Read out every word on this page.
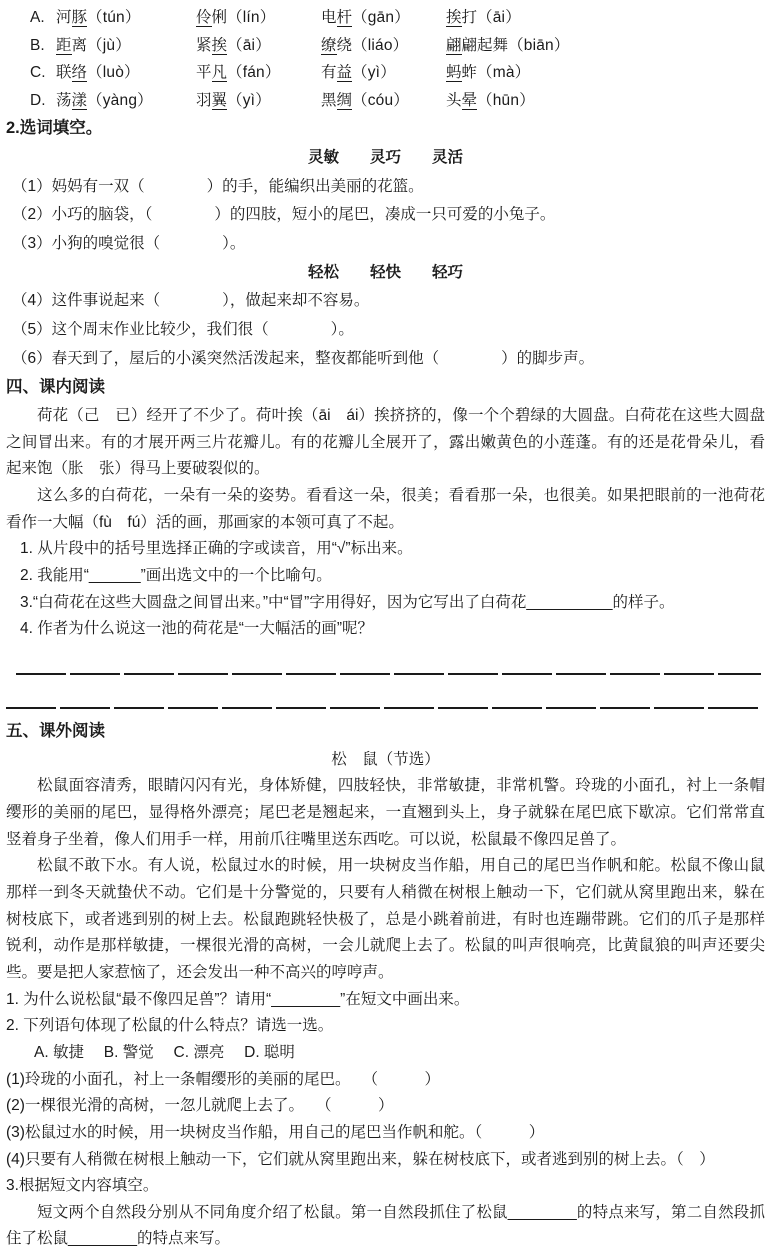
A. 河豚（tún）	伶俐（lín）	电杆（gān）	挨打（āi）
B. 距离（jù）	紧挨（āi）	缭绕（liáo）	翩翩起舞（biān）
C. 联络（luò）	平凡（fán）	有益（yì）	蚂蚱（mà）
D. 荡漾（yàng）	羽翼（yì）	黑绸（cóu）	头晕（hūn）

2.选词填空。

灵敏　　灵巧　　灵活

（1）妈妈有一双（　　　　）的手，能编织出美丽的花篮。

（2）小巧的脑袋，（　　　　）的四肢，短小的尾巴，凑成一只可爱的小兔子。

（3）小狗的嗅觉很（　　　　）。

轻松　　轻快　　轻巧

（4）这件事说起来（　　　　），做起来却不容易。

（5）这个周末作业比较少，我们很（　　　　）。

（6）春天到了，屋后的小溪突然活泼起来，整夜都能听到他（　　　　）的脚步声。

四、课内阅读

荷花（己　已）经开了不少了。荷叶挨（āi　ái）挨挤挤的，像一个个碧绿的大圆盘。白荷花在这些大圆盘之间冒出来。有的才展开两三片花瓣儿。有的花瓣儿全展开了，露出嫩黄色的小莲蓬。有的还是花骨朵儿，看起来饱（胀　张）得马上要破裂似的。

这么多的白荷花，一朵有一朵的姿势。看看这一朵，很美；看看那一朵，也很美。如果把眼前的一池荷花看作一大幅（fù　fú）活的画，那画家的本领可真了不起。

1. 从片段中的括号里选择正确的字或读音，用“√”标出来。

2. 我能用“______”画出选文中的一个比喻句。

3.“白荷花在这些大圆盘之间冒出来。”中“冒”字用得好，因为它写出了白荷花__________的样子。

4. 作者为什么说这一池的荷花是“一大幅活的画”呢？

五、课外阅读

松　鼠（节选）

松鼠面容清秀，眼睛闪闪有光，身体矫健，四肢轻快，非常敏捷，非常机警。玲珑的小面孔，衬上一条帽缨形的美丽的尾巴，显得格外漂亮；尾巴老是翘起来，一直翘到头上，身子就躲在尾巴底下歇凉。它们常常直竖着身子坐着，像人们用手一样，用前爪往嘴里送东西吃。可以说，松鼠最不像四足兽了。

松鼠不敢下水。有人说，松鼠过水的时候，用一块树皮当作船，用自己的尾巴当作帆和舵。松鼠不像山鼠那样一到冬天就蛰伏不动。它们是十分警觉的，只要有人稍微在树根上触动一下，它们就从窝里跑出来，躲在树枝底下，或者逃到别的树上去。松鼠跑跳轻快极了，总是小跳着前进，有时也连蹦带跳。它们的爪子是那样锐利，动作是那样敏捷，一棵很光滑的高树，一会儿就爬上去了。松鼠的叫声很响亮，比黄鼠狼的叫声还要尖些。要是把人家惹恼了，还会发出一种不高兴的哼哼声。

1. 为什么说松鼠“最不像四足兽”？请用“________”在短文中画出来。

2. 下列语句体现了松鼠的什么特点？请选一选。

A. 敏捷　 B. 警觉　 C. 漂亮　 D. 聪明

(1)玲珑的小面孔，衬上一条帽缨形的美丽的尾巴。　 （　　　）

(2)一棵很光滑的高树，一忽儿就爬上去了。　 （　　　）

(3)松鼠过水的时候，用一块树皮当作船，用自己的尾巴当作帆和舵。（　　　）

(4)只要有人稍微在树根上触动一下，它们就从窝里跑出来，躲在树枝底下，或者逃到别的树上去。（　）

3.根据短文内容填空。

短文两个自然段分别从不同角度介绍了松鼠。第一自然段抓住了松鼠________的特点来写，第二自然段抓住了松鼠________的特点来写。
